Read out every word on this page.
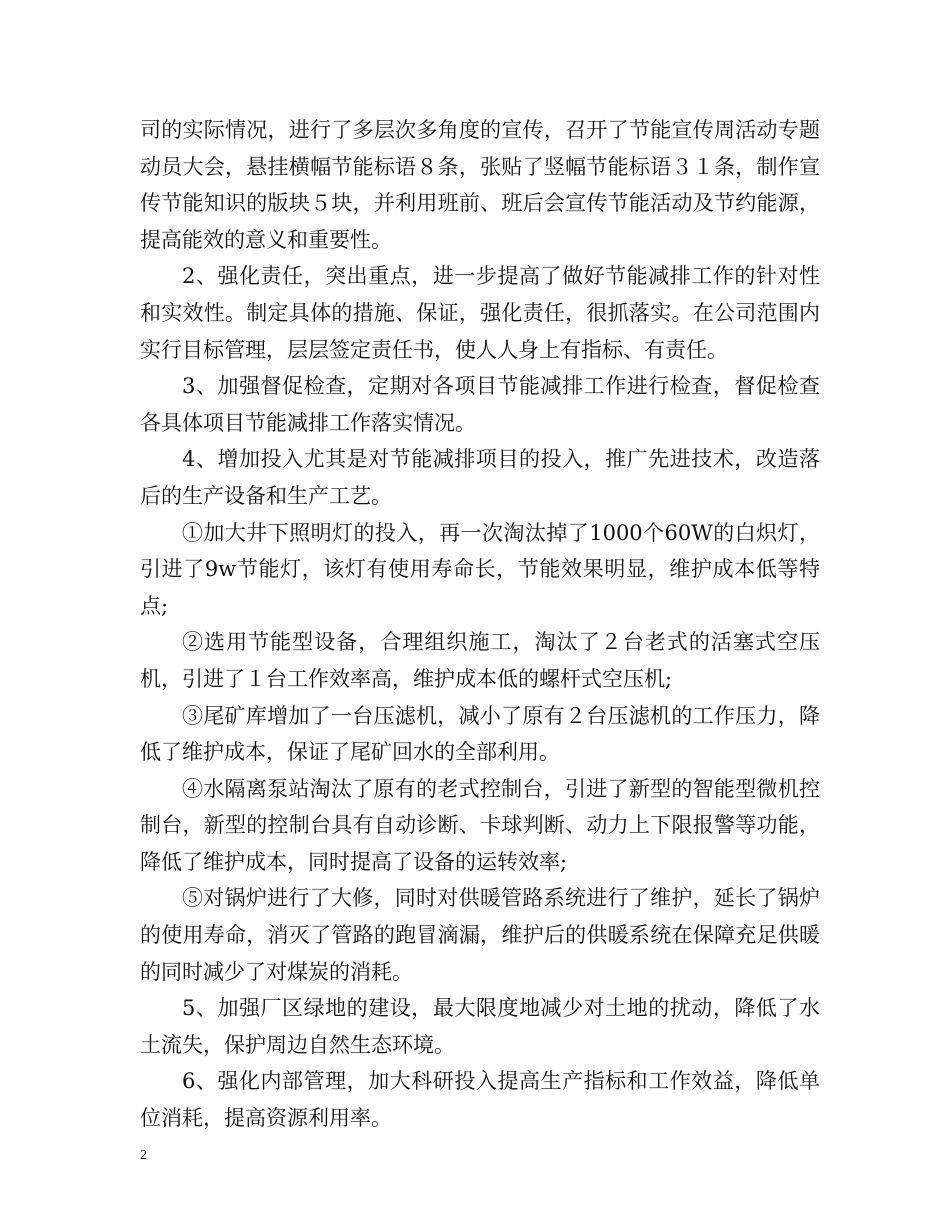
司的实际情况，进行了多层次多角度的宣传，召开了节能宣传周活动专题动员大会，悬挂横幅节能标语８条，张贴了竖幅节能标语３１条，制作宣传节能知识的版块５块，并利用班前、班后会宣传节能活动及节约能源，提高能效的意义和重要性。

2、强化责任，突出重点，进一步提高了做好节能减排工作的针对性和实效性。制定具体的措施、保证，强化责任，很抓落实。在公司范围内实行目标管理，层层签定责任书，使人人身上有指标、有责任。

3、加强督促检查，定期对各项目节能减排工作进行检查，督促检查各具体项目节能减排工作落实情况。

4、增加投入尤其是对节能减排项目的投入，推广先进技术，改造落后的生产设备和生产工艺。

①加大井下照明灯的投入，再一次淘汰掉了1000个60W的白炽灯，引进了9w节能灯，该灯有使用寿命长，节能效果明显，维护成本低等特点;

②选用节能型设备，合理组织施工，淘汰了２台老式的活塞式空压机，引进了１台工作效率高，维护成本低的螺杆式空压机;

③尾矿库增加了一台压滤机，减小了原有２台压滤机的工作压力，降低了维护成本，保证了尾矿回水的全部利用。

④水隔离泵站淘汰了原有的老式控制台，引进了新型的智能型微机控制台，新型的控制台具有自动诊断、卡球判断、动力上下限报警等功能，降低了维护成本，同时提高了设备的运转效率;

⑤对锅炉进行了大修，同时对供暖管路系统进行了维护，延长了锅炉的使用寿命，消灭了管路的跑冒滴漏，维护后的供暖系统在保障充足供暖的同时减少了对煤炭的消耗。

5、加强厂区绿地的建设，最大限度地减少对土地的扰动，降低了水土流失，保护周边自然生态环境。

6、强化内部管理，加大科研投入提高生产指标和工作效益，降低单位消耗，提高资源利用率。

2
